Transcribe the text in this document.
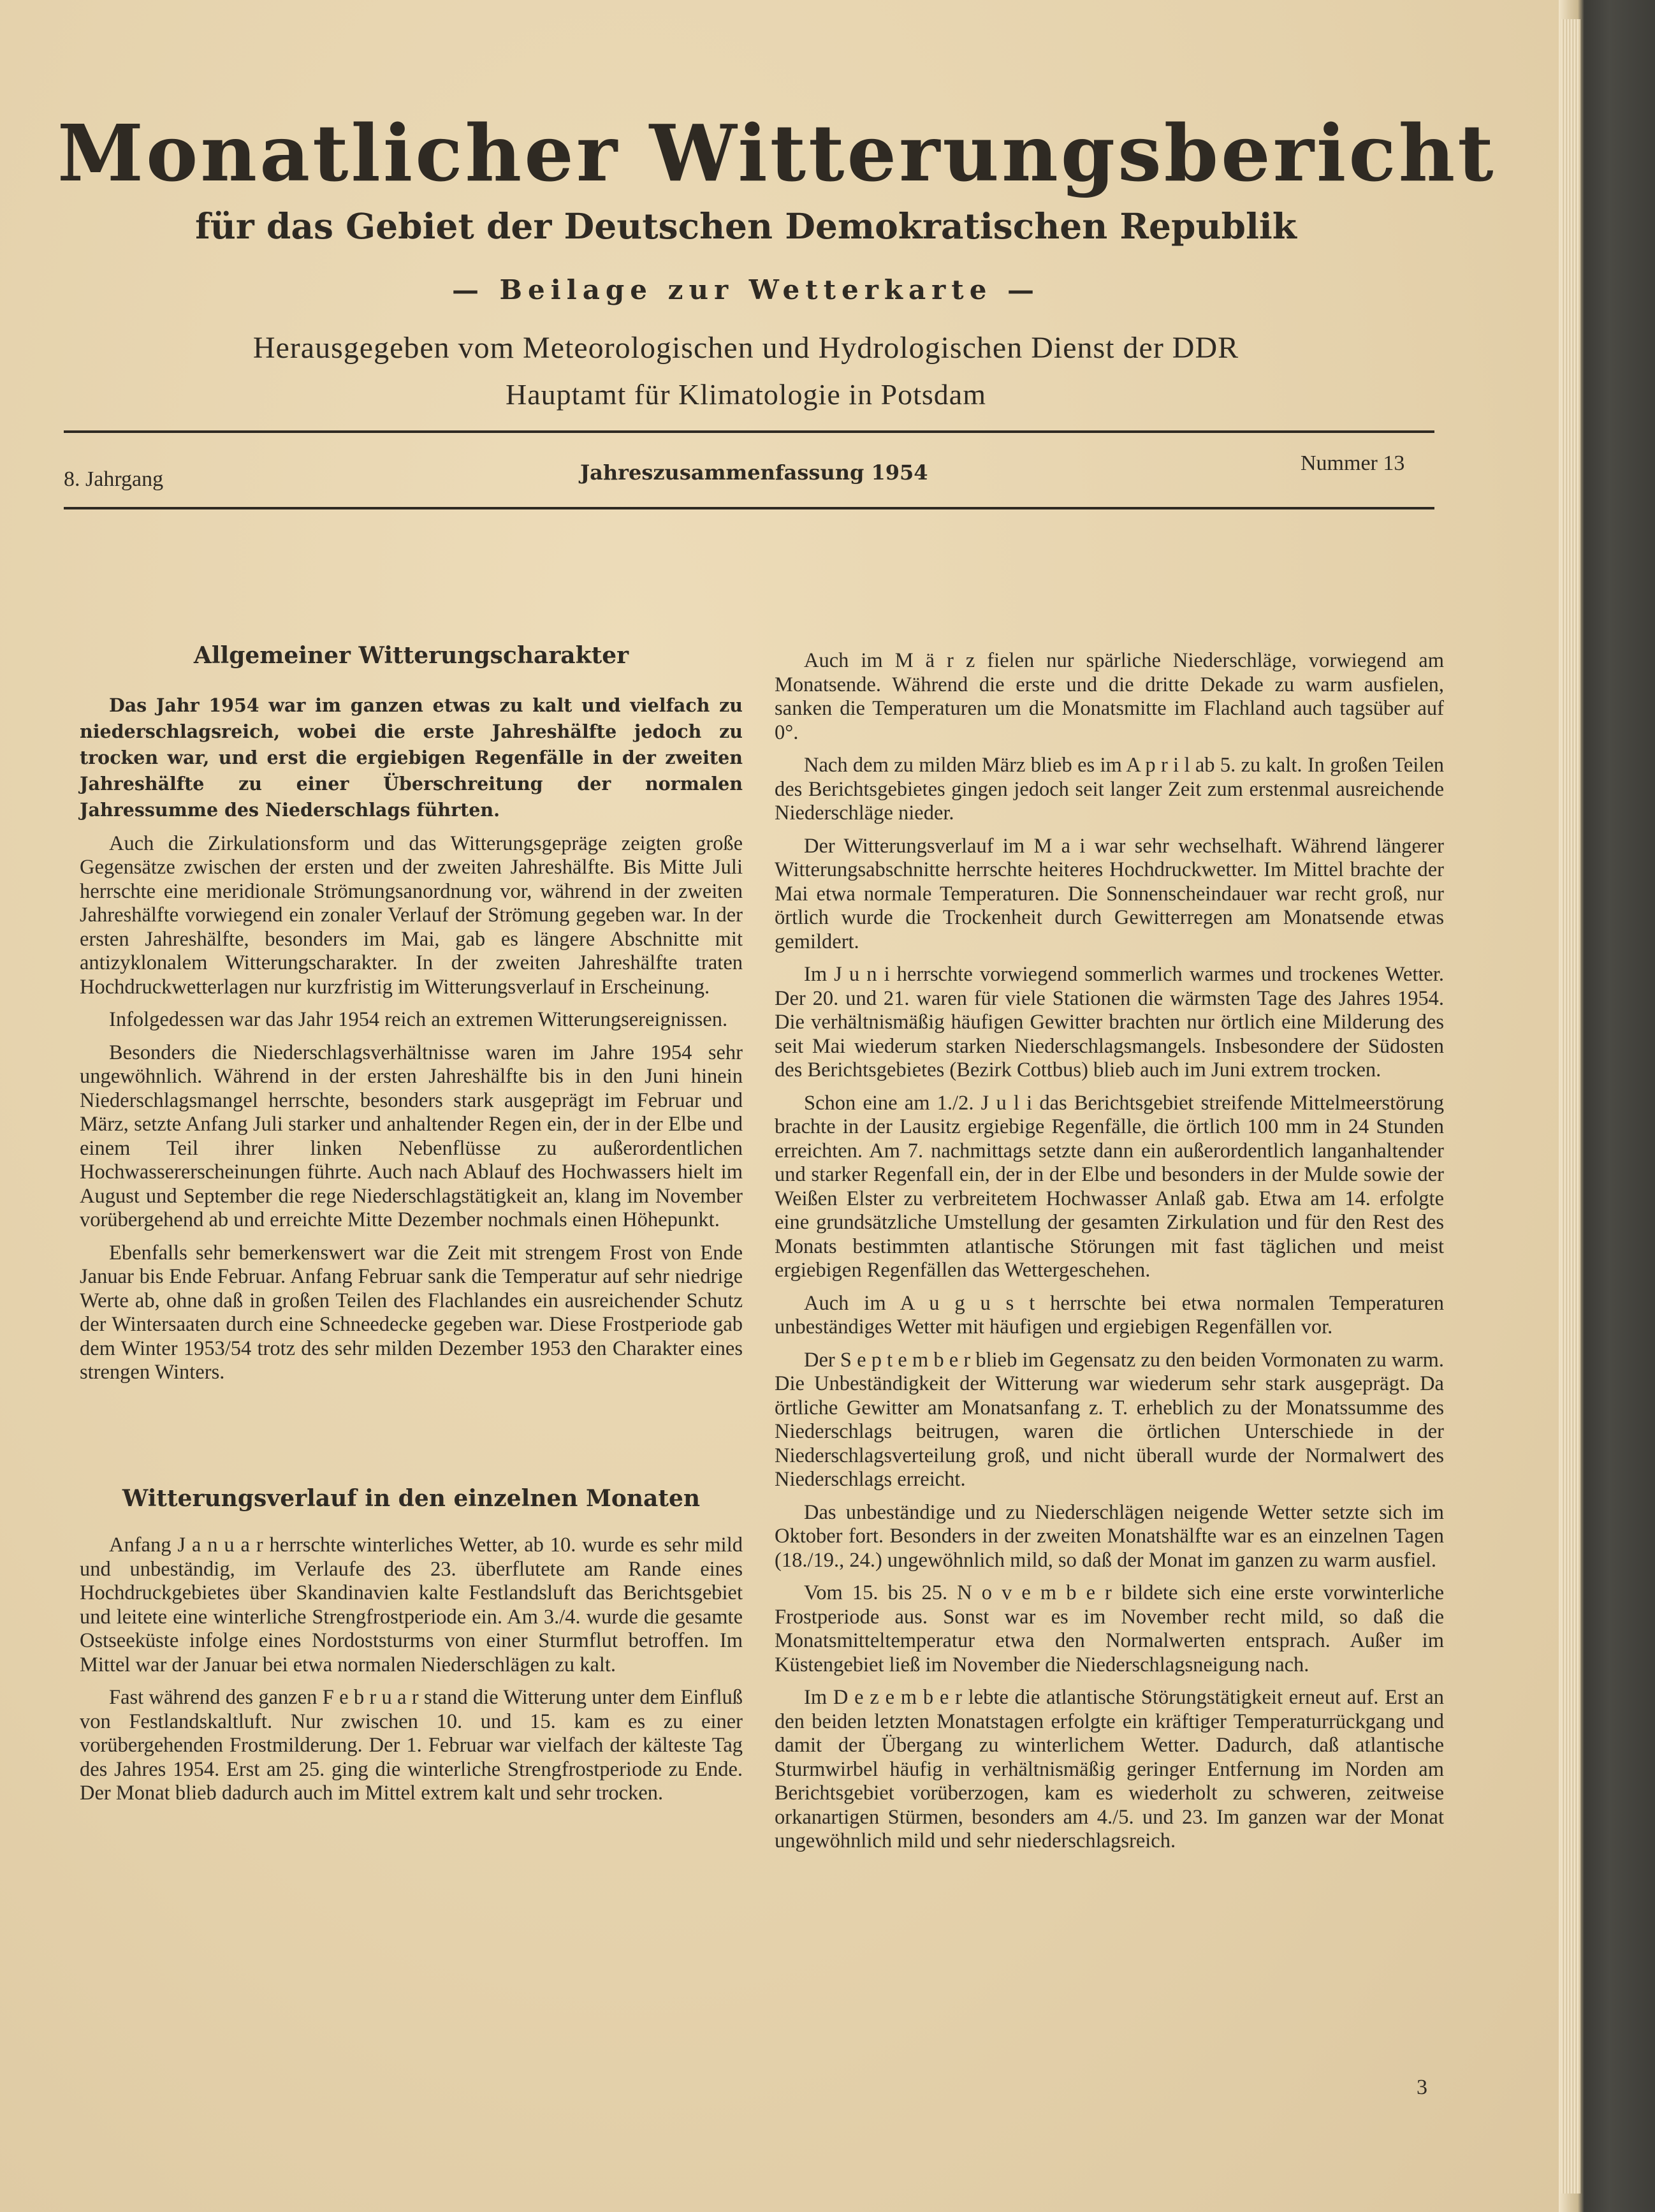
Monatlicher Witterungsbericht
für das Gebiet der Deutschen Demokratischen Republik
— Beilage zur Wetterkarte —
Herausgegeben vom Meteorologischen und Hydrologischen Dienst der DDR
Hauptamt für Klimatologie in Potsdam
8. Jahrgang	Jahreszusammenfassung 1954	Nummer 13
Allgemeiner Witterungscharakter

Das Jahr 1954 war im ganzen etwas zu kalt und vielfach zu niederschlagsreich, wobei die erste Jahreshälfte jedoch zu trocken war, und erst die ergiebigen Regenfälle in der zweiten Jahreshälfte zu einer Überschreitung der normalen Jahressumme des Niederschlags führten.

Auch die Zirkulationsform und das Witterungsgepräge zeigten große Gegensätze zwischen der ersten und der zweiten Jahreshälfte. Bis Mitte Juli herrschte eine meridionale Strömungsanordnung vor, während in der zweiten Jahreshälfte vorwiegend ein zonaler Verlauf der Strömung gegeben war. In der ersten Jahreshälfte, besonders im Mai, gab es längere Abschnitte mit antizyklonalem Witterungscharakter. In der zweiten Jahreshälfte traten Hochdruckwetterlagen nur kurzfristig im Witterungsverlauf in Erscheinung.

Infolgedessen war das Jahr 1954 reich an extremen Witterungsereignissen.

Besonders die Niederschlagsverhältnisse waren im Jahre 1954 sehr ungewöhnlich. Während in der ersten Jahreshälfte bis in den Juni hinein Niederschlagsmangel herrschte, besonders stark ausgeprägt im Februar und März, setzte Anfang Juli starker und anhaltender Regen ein, der in der Elbe und einem Teil ihrer linken Nebenflüsse zu außerordentlichen Hochwassererscheinungen führte. Auch nach Ablauf des Hochwassers hielt im August und September die rege Niederschlagstätigkeit an, klang im November vorübergehend ab und erreichte Mitte Dezember nochmals einen Höhepunkt.

Ebenfalls sehr bemerkenswert war die Zeit mit strengem Frost von Ende Januar bis Ende Februar. Anfang Februar sank die Temperatur auf sehr niedrige Werte ab, ohne daß in großen Teilen des Flachlandes ein ausreichender Schutz der Wintersaaten durch eine Schneedecke gegeben war. Diese Frostperiode gab dem Winter 1953/54 trotz des sehr milden Dezember 1953 den Charakter eines strengen Winters.

Witterungsverlauf in den einzelnen Monaten

Anfang J a n u a r herrschte winterliches Wetter, ab 10. wurde es sehr mild und unbeständig, im Verlaufe des 23. überflutete am Rande eines Hochdruckgebietes über Skandinavien kalte Festlandsluft das Berichtsgebiet und leitete eine winterliche Strengfrostperiode ein. Am 3./4. wurde die gesamte Ostseeküste infolge eines Nordoststurms von einer Sturmflut betroffen. Im Mittel war der Januar bei etwa normalen Niederschlägen zu kalt.

Fast während des ganzen F e b r u a r stand die Witterung unter dem Einfluß von Festlandskaltluft. Nur zwischen 10. und 15. kam es zu einer vorübergehenden Frostmilderung. Der 1. Februar war vielfach der kälteste Tag des Jahres 1954. Erst am 25. ging die winterliche Strengfrostperiode zu Ende. Der Monat blieb dadurch auch im Mittel extrem kalt und sehr trocken.

Auch im M ä r z fielen nur spärliche Niederschläge, vorwiegend am Monatsende. Während die erste und die dritte Dekade zu warm ausfielen, sanken die Temperaturen um die Monatsmitte im Flachland auch tagsüber auf 0°.

Nach dem zu milden März blieb es im A p r i l ab 5. zu kalt. In großen Teilen des Berichtsgebietes gingen jedoch seit langer Zeit zum erstenmal ausreichende Niederschläge nieder.

Der Witterungsverlauf im M a i war sehr wechselhaft. Während längerer Witterungsabschnitte herrschte heiteres Hochdruckwetter. Im Mittel brachte der Mai etwa normale Temperaturen. Die Sonnenscheindauer war recht groß, nur örtlich wurde die Trockenheit durch Gewitterregen am Monatsende etwas gemildert.

Im J u n i herrschte vorwiegend sommerlich warmes und trockenes Wetter. Der 20. und 21. waren für viele Stationen die wärmsten Tage des Jahres 1954. Die verhältnismäßig häufigen Gewitter brachten nur örtlich eine Milderung des seit Mai wiederum starken Niederschlagsmangels. Insbesondere der Südosten des Berichtsgebietes (Bezirk Cottbus) blieb auch im Juni extrem trocken.

Schon eine am 1./2. J u l i das Berichtsgebiet streifende Mittelmeerstörung brachte in der Lausitz ergiebige Regenfälle, die örtlich 100 mm in 24 Stunden erreichten. Am 7. nachmittags setzte dann ein außerordentlich langanhaltender und starker Regenfall ein, der in der Elbe und besonders in der Mulde sowie der Weißen Elster zu verbreitetem Hochwasser Anlaß gab. Etwa am 14. erfolgte eine grundsätzliche Umstellung der gesamten Zirkulation und für den Rest des Monats bestimmten atlantische Störungen mit fast täglichen und meist ergiebigen Regenfällen das Wettergeschehen.

Auch im A u g u s t herrschte bei etwa normalen Temperaturen unbeständiges Wetter mit häufigen und ergiebigen Regenfällen vor.

Der S e p t e m b e r blieb im Gegensatz zu den beiden Vormonaten zu warm. Die Unbeständigkeit der Witterung war wiederum sehr stark ausgeprägt. Da örtliche Gewitter am Monatsanfang z. T. erheblich zu der Monatssumme des Niederschlags beitrugen, waren die örtlichen Unterschiede in der Niederschlagsverteilung groß, und nicht überall wurde der Normalwert des Niederschlags erreicht.

Das unbeständige und zu Niederschlägen neigende Wetter setzte sich im Oktober fort. Besonders in der zweiten Monatshälfte war es an einzelnen Tagen (18./19., 24.) ungewöhnlich mild, so daß der Monat im ganzen zu warm ausfiel.

Vom 15. bis 25. N o v e m b e r bildete sich eine erste vorwinterliche Frostperiode aus. Sonst war es im November recht mild, so daß die Monatsmitteltemperatur etwa den Normalwerten entsprach. Außer im Küstengebiet ließ im November die Niederschlagsneigung nach.

Im D e z e m b e r lebte die atlantische Störungstätigkeit erneut auf. Erst an den beiden letzten Monatstagen erfolgte ein kräftiger Temperaturrückgang und damit der Übergang zu winterlichem Wetter. Dadurch, daß atlantische Sturmwirbel häufig in verhältnismäßig geringer Entfernung im Norden am Berichtsgebiet vorüberzogen, kam es wiederholt zu schweren, zeitweise orkanartigen Stürmen, besonders am 4./5. und 23. Im ganzen war der Monat ungewöhnlich mild und sehr niederschlagsreich.

3
